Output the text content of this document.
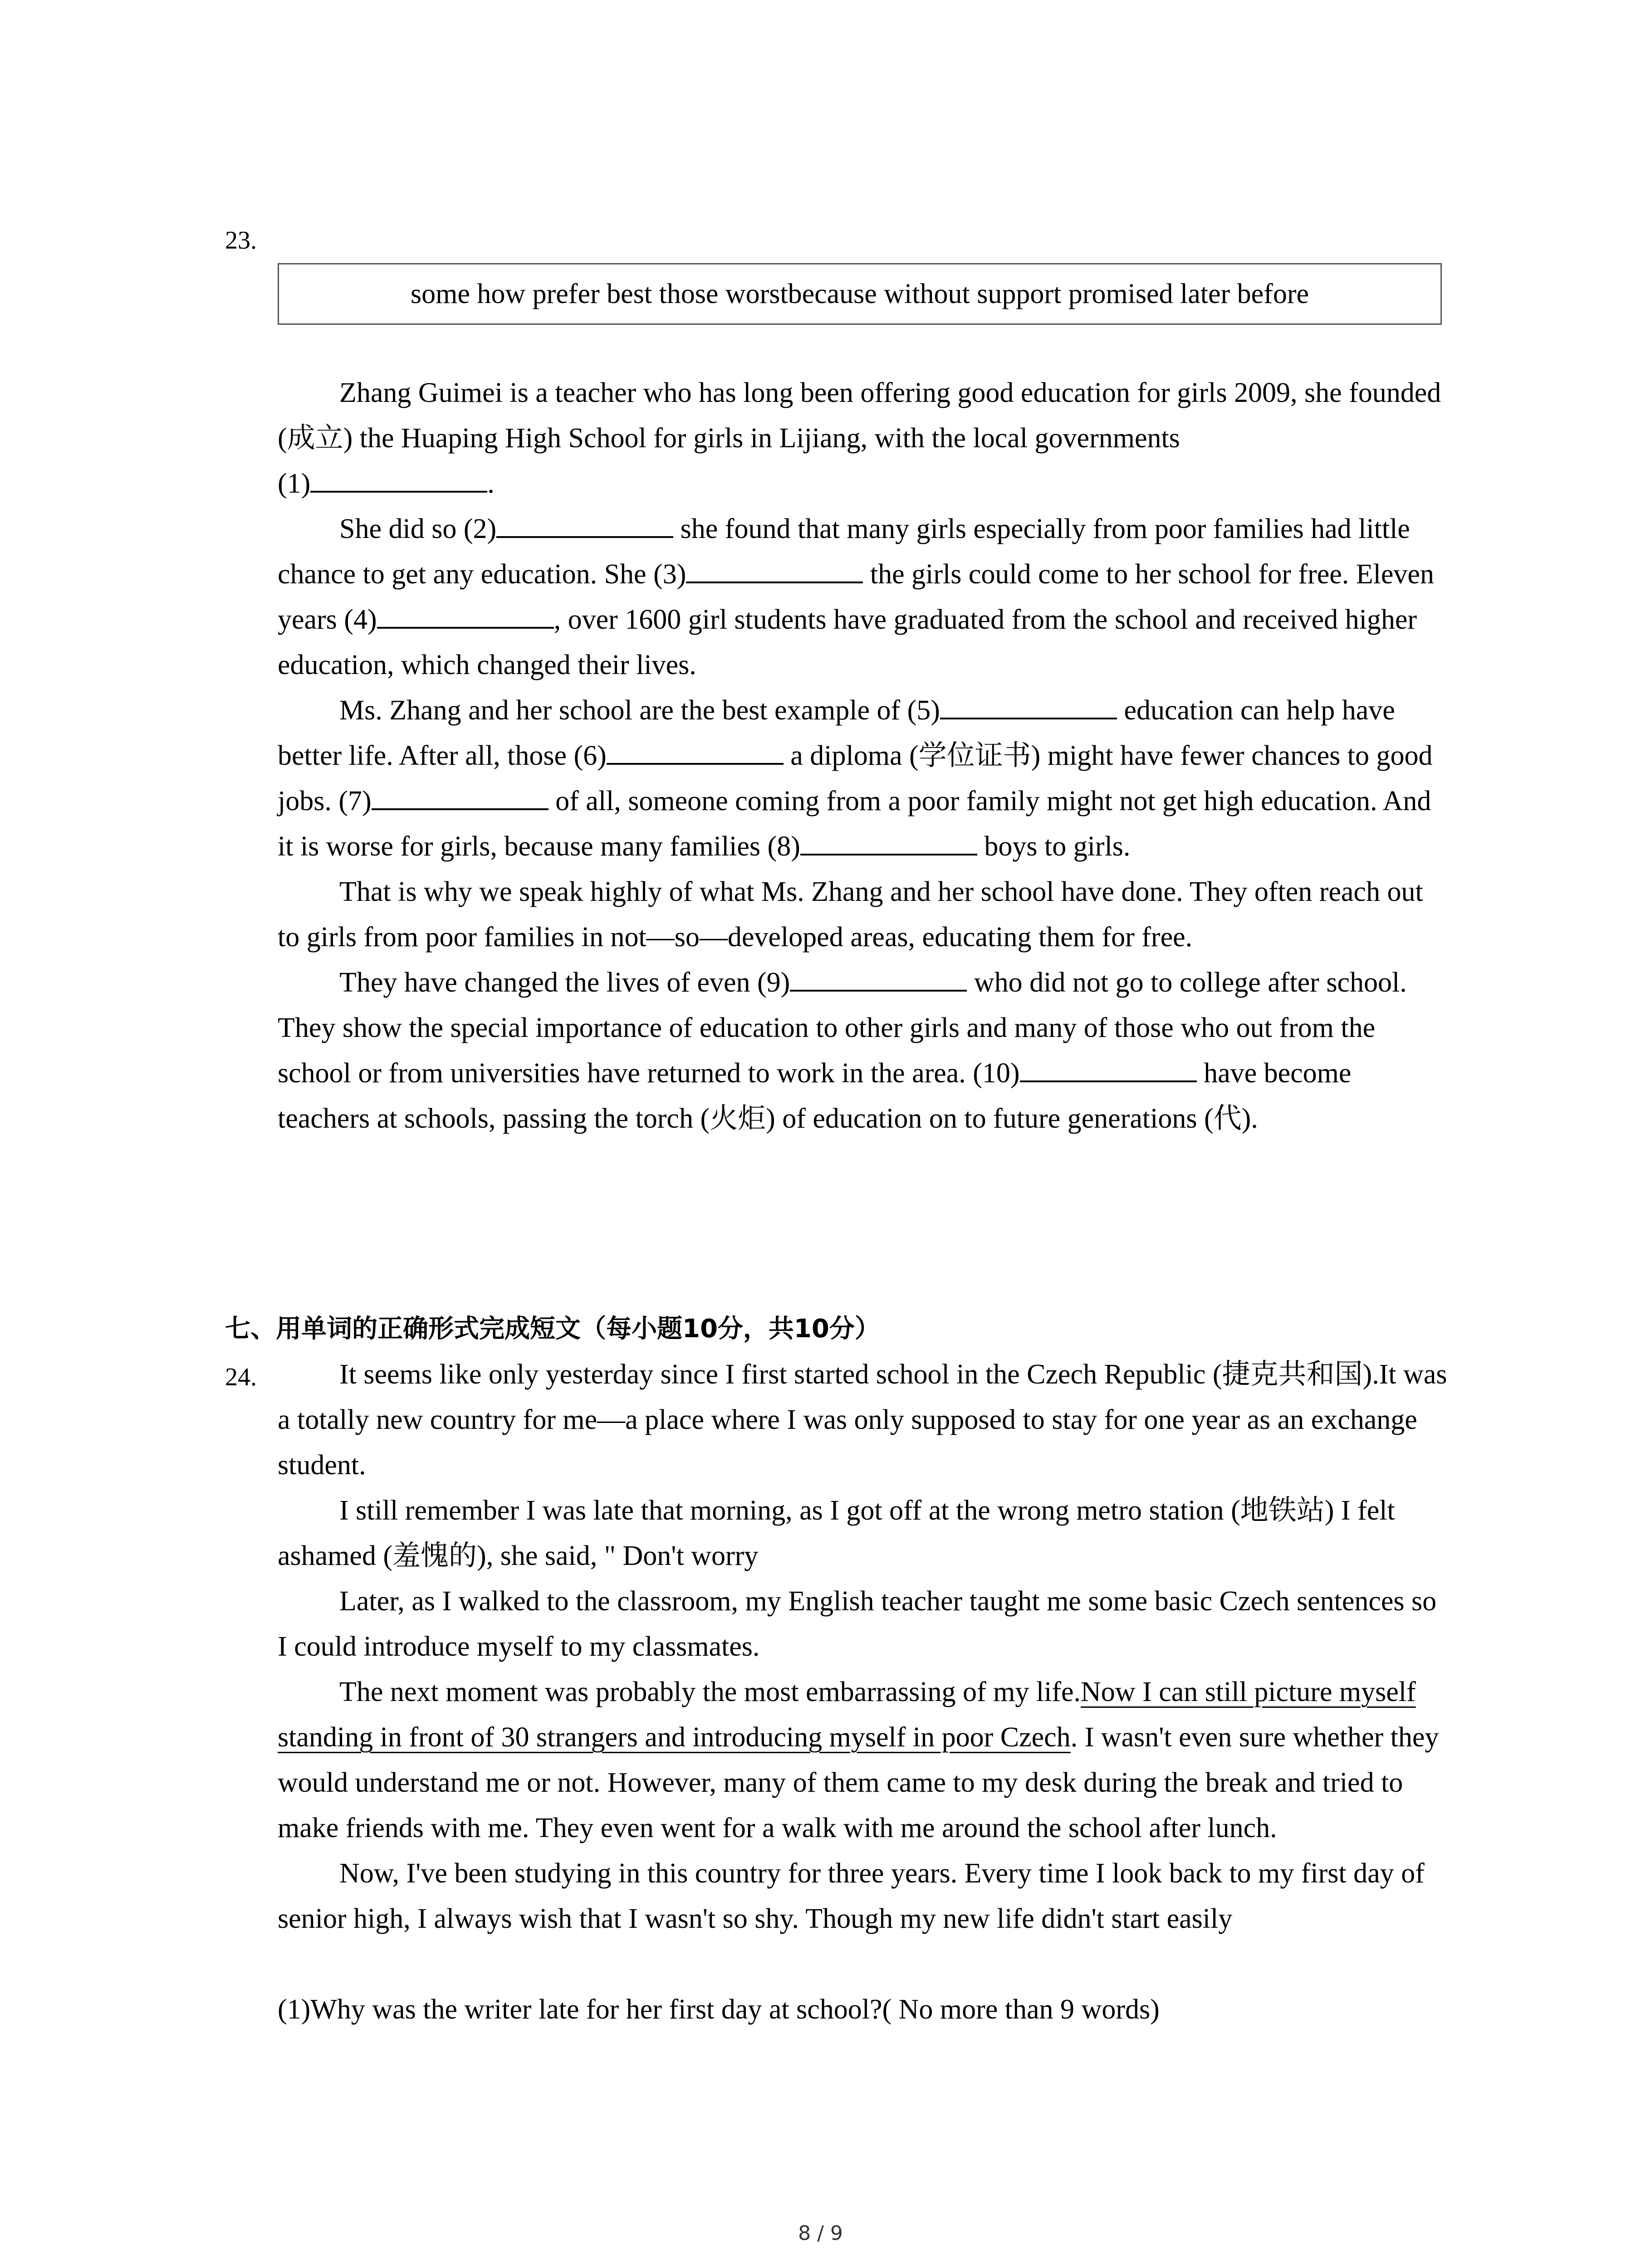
23.
some how prefer best those worstbecause without support promised later before

Zhang Guimei is a teacher who has long been offering good education for girls 2009, she founded (成立) the Huaping High School for girls in Lijiang, with the local governments

(1)	.

She did so (2)	she found that many girls especially from poor families had little chance to get any education. She (3)	the girls could come to her school for free. Eleven years (4)	, over 1600 girl students have graduated from the school and received higher education, which changed their lives.

Ms. Zhang and her school are the best example of (5)	education can help have better life. After all, those (6)	a diploma (学位证书) might have fewer chances to good jobs. (7)	of all, someone coming from a poor family might not get high education. And it is worse for girls, because many families (8)	boys to girls.

That is why we speak highly of what Ms. Zhang and her school have done. They often reach out to girls from poor families in not—so—developed areas, educating them for free.

They have changed the lives of even (9)	who did not go to college after school. They show the special importance of education to other girls and many of those who out from the school or from universities have returned to work in the area. (10)	have become teachers at schools, passing the torch (火炬) of education on to future generations (代).

七、用单词的正确形式完成短文（每小题10分，共10分）
24.	It seems like only yesterday since I first started school in the Czech Republic (捷克共和国).It was a totally new country for me—a place where I was only supposed to stay for one year as an exchange student.

I still remember I was late that morning, as I got off at the wrong metro station (地铁站) I felt ashamed (羞愧的), she said, " Don't worry

Later, as I walked to the classroom, my English teacher taught me some basic Czech sentences so I could introduce myself to my classmates.

The next moment was probably the most embarrassing of my life.Now I can still picture myself standing in front of 30 strangers and introducing myself in poor Czech. I wasn't even sure whether they would understand me or not. However, many of them came to my desk during the break and tried to make friends with me. They even went for a walk with me around the school after lunch.

Now, I've been studying in this country for three years. Every time I look back to my first day of senior high, I always wish that I wasn't so shy. Though my new life didn't start easily

(1)Why was the writer late for her first day at school?( No more than 9 words)

8 / 9
